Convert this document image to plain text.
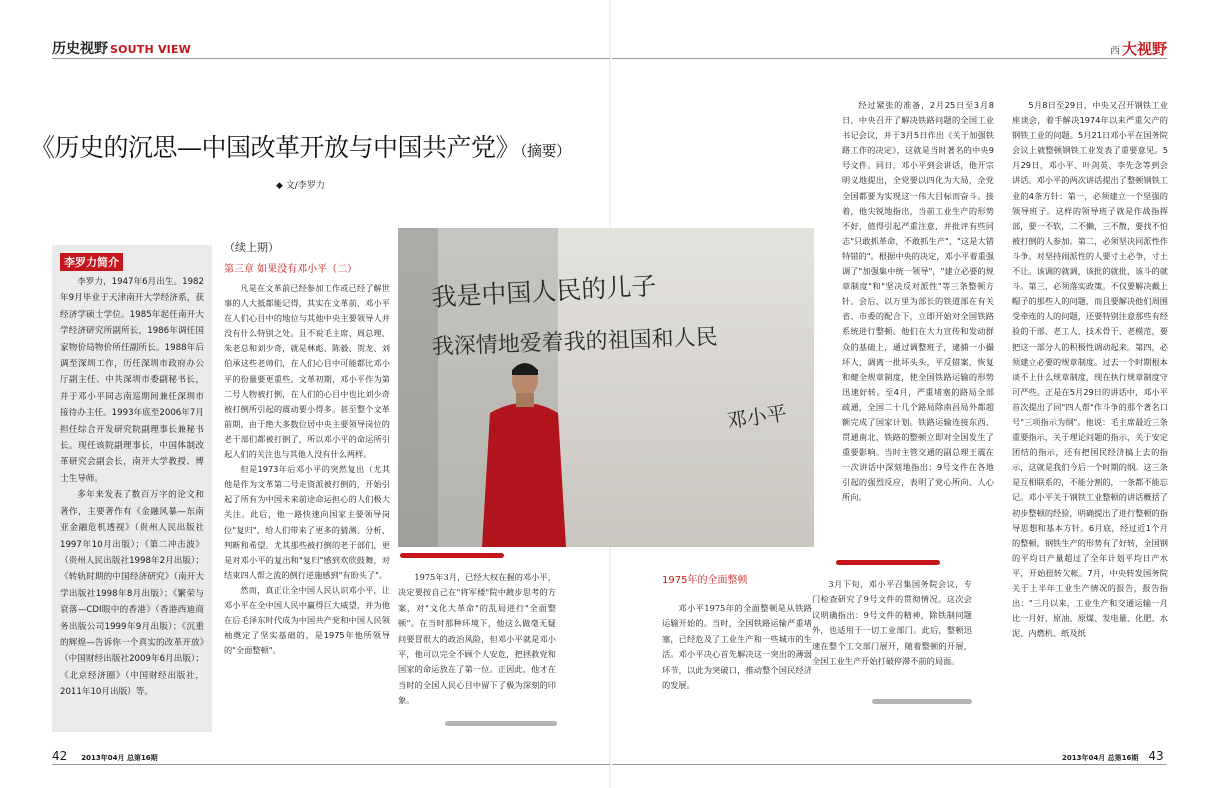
历史视野 SOUTH VIEW	西 大视野
《历史的沉思—中国改革开放与中国共产党》（摘要）
◆ 文/李罗力
李罗力简介

李罗力，1947年6月出生。1982年9月毕业于天津南开大学经济系，获经济学硕士学位。1985年起任南开大学经济研究所副所长，1986年调任国家物价局物价所任副所长。1988年后调至深圳工作，历任深圳市政府办公厅副主任、中共深圳市委副秘书长，并于邓小平同志南巡期间兼任深圳市接待办主任。1993年底至2006年7月担任综合开发研究院副理事长兼秘书长。现任该院副理事长，中国体制改革研究会副会长，南开大学教授、博士生导师。

多年来发表了数百万字的论文和著作，主要著作有《金融风暴—东南亚金融危机透视》（贵州人民出版社1997年10月出版）；《第二冲击波》（贵州人民出版社1998年2月出版）；《转轨时期的中国经济研究》（南开大学出版社1998年8月出版）；《繁荣与衰落—CDI眼中的香港》（香港西迪商务出版公司1999年9月出版）；《沉重的辉煌—告诉你一个真实的改革开放》（中国财经出版社2009年6月出版）；《北京经济圈》（中国财经出版社，2011年10月出版）等。

（续上期）
第三章 如果没有邓小平（二）

凡是在文革前已经参加工作或已经了解世事的人大抵都能记得，其实在文革前，邓小平在人们心目中的地位与其他中央主要领导人并没有什么特别之处。且不说毛主席、周总理、朱老总和刘少奇，就是林彪、陈毅、贺龙、刘伯承这些老帅们，在人们心目中可能都比邓小平的份量要更重些。文革初期，邓小平作为第二号人物被打倒，在人们的心目中也比刘少奇被打倒所引起的震动要小得多。甚至整个文革前期，由于绝大多数位居中央主要领导岗位的老干部们都被打倒了，所以邓小平的命运所引起人们的关注也与其他人没有什么两样。

但是1973年后邓小平的突然复出（尤其他是作为文革第二号走资派被打倒的，开始引起了所有为中国未来前途命运担心的人们极大关注。此后，他一路快速向国家主要领导岗位"复归"，给人们带来了更多的猜测、分析、判断和希望。尤其那些被打倒的老干部们，更是对邓小平的复出和"复归"感到欢欣鼓舞，对结束四人帮之流的倒行逆施感到"有盼头了"。

然而，真正让全中国人民认识邓小平，让邓小平在全中国人民中赢得巨大威望，并为他在后毛泽东时代成为中国共产党和中国人民领袖奠定了坚实基础的，是1975年他所领导的"全面整顿"。

我是中国人民的儿子
我深情地爱着我的祖国和人民
邓小平

1975年3月，已经大权在握的邓小平，决定要按自己在"将军楼"院中踱步思考的方案，对"文化大革命"的乱局进行"全面整顿"。在当时那种环境下，他这么做毫无疑问要冒很大的政治风险，但邓小平就是邓小平，他可以完全不顾个人安危，把拯救党和国家的命运放在了第一位。正因此，他才在当时的全国人民心目中留下了极为深刻的印象。

1975年的全面整顿

邓小平1975年的全面整顿是从铁路运输开始的。当时，全国铁路运输严重堵塞，已经危及了工业生产和一些城市的生活。邓小平决心首先解决这一突出的薄弱环节，以此为突破口，推动整个国民经济的发展。

3月下旬，邓小平召集国务院会议，专门检查研究了9号文件的贯彻情况。这次会议明确指出：9号文件的精神，除铁制问题外，也适用于一切工业部门。此后，整顿迅速在整个工交部门展开，随着整顿的开展，全国工业生产开始打破停滞不前的局面。

经过紧张的准备，2月25日至3月8日，中央召开了解决铁路问题的全国工业书记会议，并于3月5日作出《关于加强铁路工作的决定》，这就是当时著名的中央9号文件。同日，邓小平到会讲话，他开宗明义地提出，全党要以四化为大局，全党全国都要为实现这一伟大目标而奋斗。接着，他尖锐地指出，当前工业生产的形势不好，值得引起严重注意，并批评有些同志"只敢抓革命，不敢抓生产"，"这是大错特错的"。根据中央的决定，邓小平着重强调了"加强集中统一领导"，"建立必要的规章制度"和"坚决反对派性"等三条整顿方针。会后，以万里为部长的铁道部在有关省、市委的配合下，立即开始对全国铁路系统进行整顿。他们在大力宣传和发动群众的基础上，通过调整班子，逮捕一小撮坏人，调离一批坏头头，平反错案，恢复和健全规章制度，使全国铁路运输的形势迅速好转。至4月，严重堵塞的路局全部疏通，全国二十几个路局除南昌局外都超额完成了国家计划。铁路运输连接东西、贯通南北，铁路的整顿立即对全国发生了重要影响。当时主管交通的副总理王震在一次讲话中深刻地指出：9号文件在各地引起的强烈反应，表明了党心所向、人心所向。

5月8日至29日，中央又召开钢铁工业座谈会，着手解决1974年以来严重欠产的钢铁工业的问题。5月21日邓小平在国务院会议上就整顿钢铁工业发表了重要意见。5月29日，邓小平、叶剑英、李先念等到会讲话。邓小平的两次讲话提出了整顿钢铁工业的4条方针：第一，必须建立一个坚强的领导班子。这样的领导班子就是作战指挥部，要一不软，二不懒，三不散，要找不怕被打倒的人参加。第二，必须坚决同派性作斗争。对坚持闹派性的人要寸土必争，寸土不让。该调的就调，该批的就批，该斗的就斗。第三，必须落实政策。不仅要解决戴上帽子的那些人的问题，而且要解决他们周围受牵连的人的问题，还要特别注意那些有经验的干部、老工人、技术骨干、老模范，要把这一部分人的积极性调动起来。第四，必须建立必要的规章制度。过去一个时期根本谈不上什么规章制度，现在执行规章制度守可严些。正是在5月29日的讲话中，邓小平首次提出了同"四人帮"作斗争的那个著名口号"三项指示为纲"。他说：毛主席最近三条重要指示，关于理论问题的指示，关于安定团结的指示，还有把国民经济搞上去的指示，这就是我们今后一个时期的纲。这三条是互相联系的，不能分割的，一条都不能忘记。邓小平关于钢铁工业整顿的讲话概括了初步整顿的经验，明确提出了进行整顿的指导思想和基本方针。6月底，经过近1个月的整顿，钢铁生产的形势有了好转，全国钢的平均日产量超过了全年计划平均日产水平，开始扭转欠帐。7月，中央转发国务院关于上半年工业生产情况的报告，报告指出："三月以来，工业生产和交通运输一月比一月好，原油、原煤、发电量、化肥、水泥、内燃机、纸及纸

42 2013年04月 总第16期	2013年04月 总第16期 43
